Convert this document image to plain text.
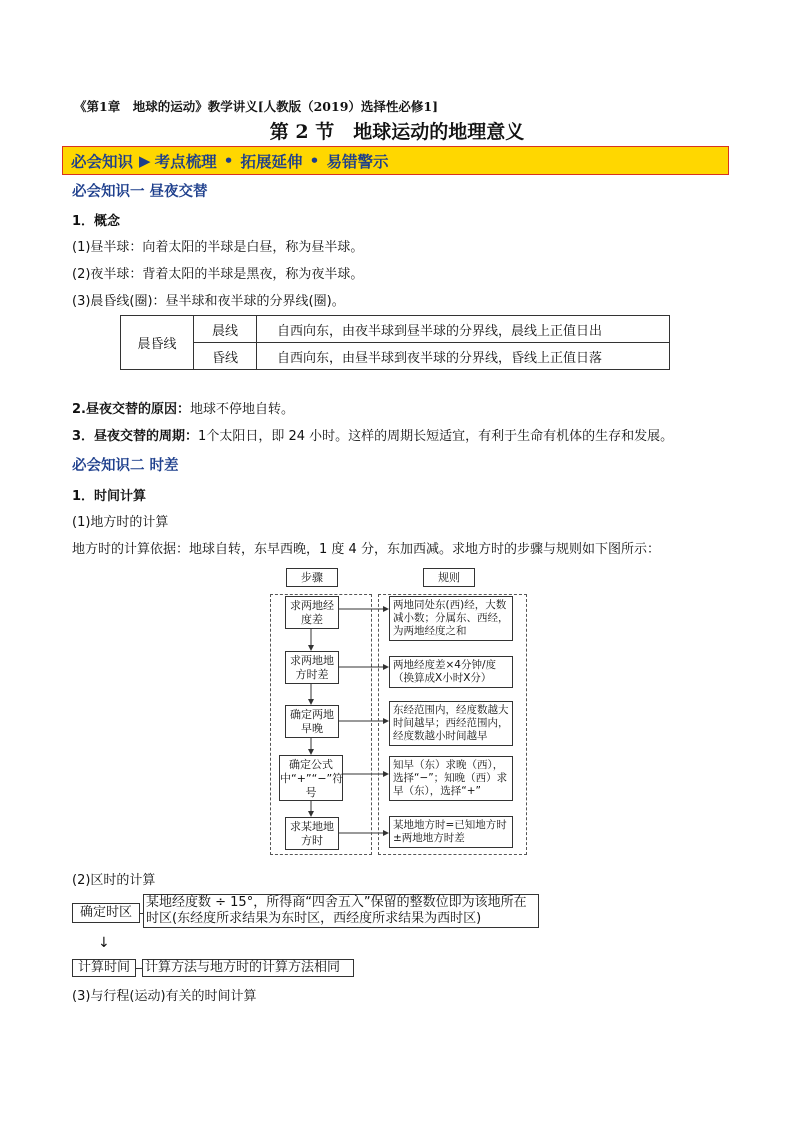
《第1章　地球的运动》教学讲义[人教版（2019）选择性必修1]
第 2 节　地球运动的地理意义
必会知识 ▶ 考点梳理 • 拓展延伸 • 易错警示
必会知识一 昼夜交替
1．概念
(1)昼半球：向着太阳的半球是白昼，称为昼半球。
(2)夜半球：背着太阳的半球是黑夜，称为夜半球。
(3)晨昏线(圈)：昼半球和夜半球的分界线(圈)。
晨昏线	晨线	自西向东，由夜半球到昼半球的分界线，晨线上正值日出
	昏线	自西向东，由昼半球到夜半球的分界线，昏线上正值日落
2.昼夜交替的原因：地球不停地自转。
3．昼夜交替的周期：1个太阳日，即 24 小时。这样的周期长短适宜，有利于生命有机体的生存和发展。
必会知识二 时差
1．时间计算
(1)地方时的计算
地方时的计算依据：地球自转，东早西晚，1 度 4 分，东加西减。求地方时的步骤与规则如下图所示：
步骤	规则
求两地经度差
求两地地方时差
确定两地早晚
确定公式中“+”“−”符号
求某地地方时
两地同处东(西)经，大数减小数；分属东、西经，为两地经度之和
两地经度差×4分钟/度（换算成X小时X分）
东经范围内，经度数越大时间越早；西经范围内，经度数越小时间越早
知早（东）求晚（西），选择“−”；知晚（西）求早（东），选择“+”
某地地方时=已知地方时±两地地方时差
(2)区时的计算
确定时区
某地经度数 ÷ 15°，所得商“四舍五入”保留的整数位即为该地所在时区(东经度所求结果为东时区，西经度所求结果为西时区)
↓
计算时间	计算方法与地方时的计算方法相同
(3)与行程(运动)有关的时间计算
